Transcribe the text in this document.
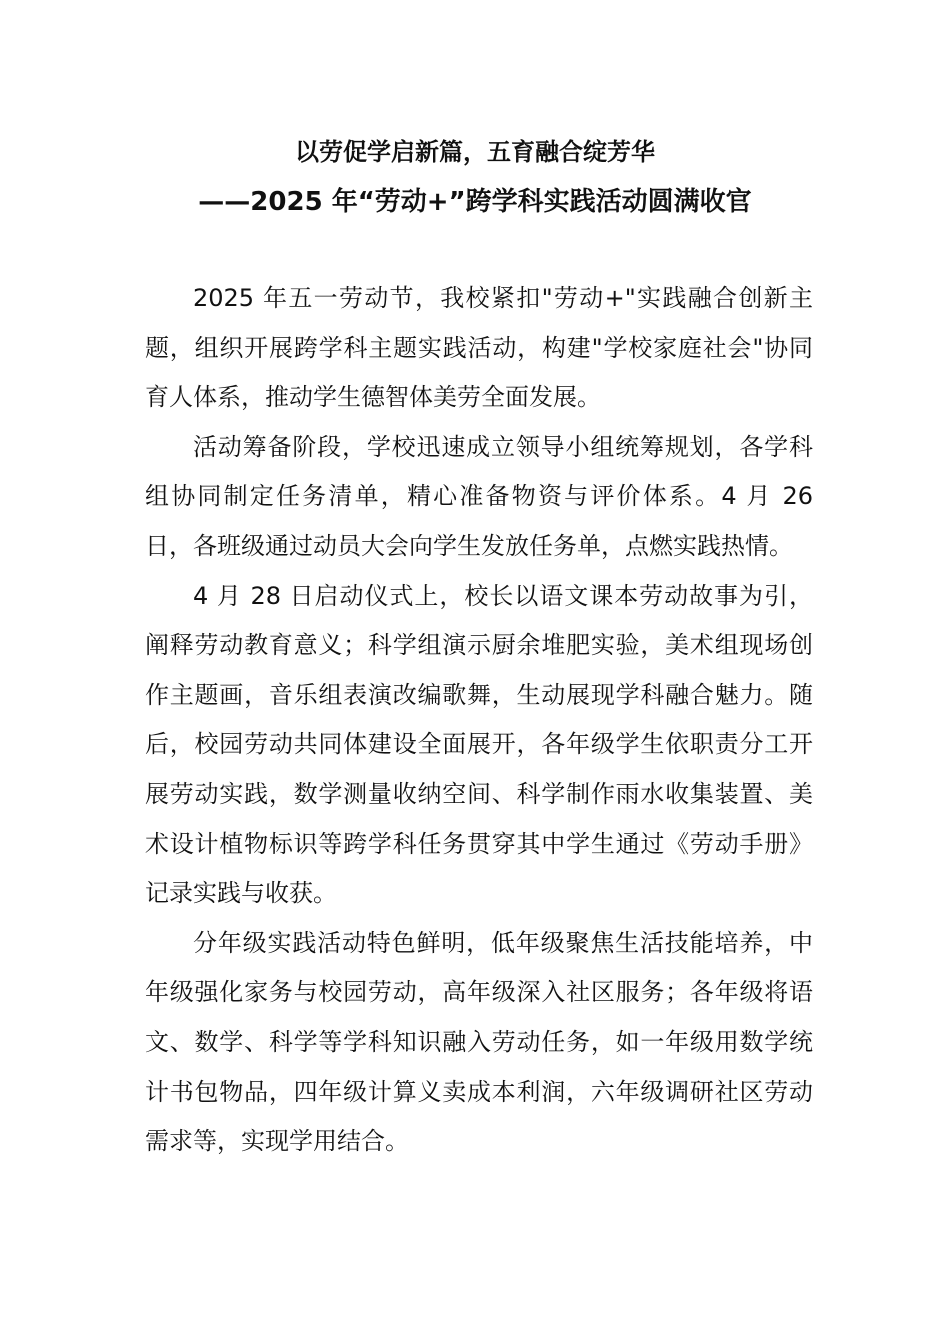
以劳促学启新篇，五育融合绽芳华
——2025 年“劳动+”跨学科实践活动圆满收官

2025 年五一劳动节，我校紧扣"劳动+"实践融合创新主题，组织开展跨学科主题实践活动，构建"学校家庭社会"协同育人体系，推动学生德智体美劳全面发展。

活动筹备阶段，学校迅速成立领导小组统筹规划，各学科组协同制定任务清单，精心准备物资与评价体系。4 月 26 日，各班级通过动员大会向学生发放任务单，点燃实践热情。

4 月 28 日启动仪式上，校长以语文课本劳动故事为引，阐释劳动教育意义；科学组演示厨余堆肥实验，美术组现场创作主题画，音乐组表演改编歌舞，生动展现学科融合魅力。随后，校园劳动共同体建设全面展开，各年级学生依职责分工开展劳动实践，数学测量收纳空间、科学制作雨水收集装置、美术设计植物标识等跨学科任务贯穿其中学生通过《劳动手册》记录实践与收获。

分年级实践活动特色鲜明，低年级聚焦生活技能培养，中年级强化家务与校园劳动，高年级深入社区服务；各年级将语文、数学、科学等学科知识融入劳动任务，如一年级用数学统计书包物品，四年级计算义卖成本利润，六年级调研社区劳动需求等，实现学用结合。
